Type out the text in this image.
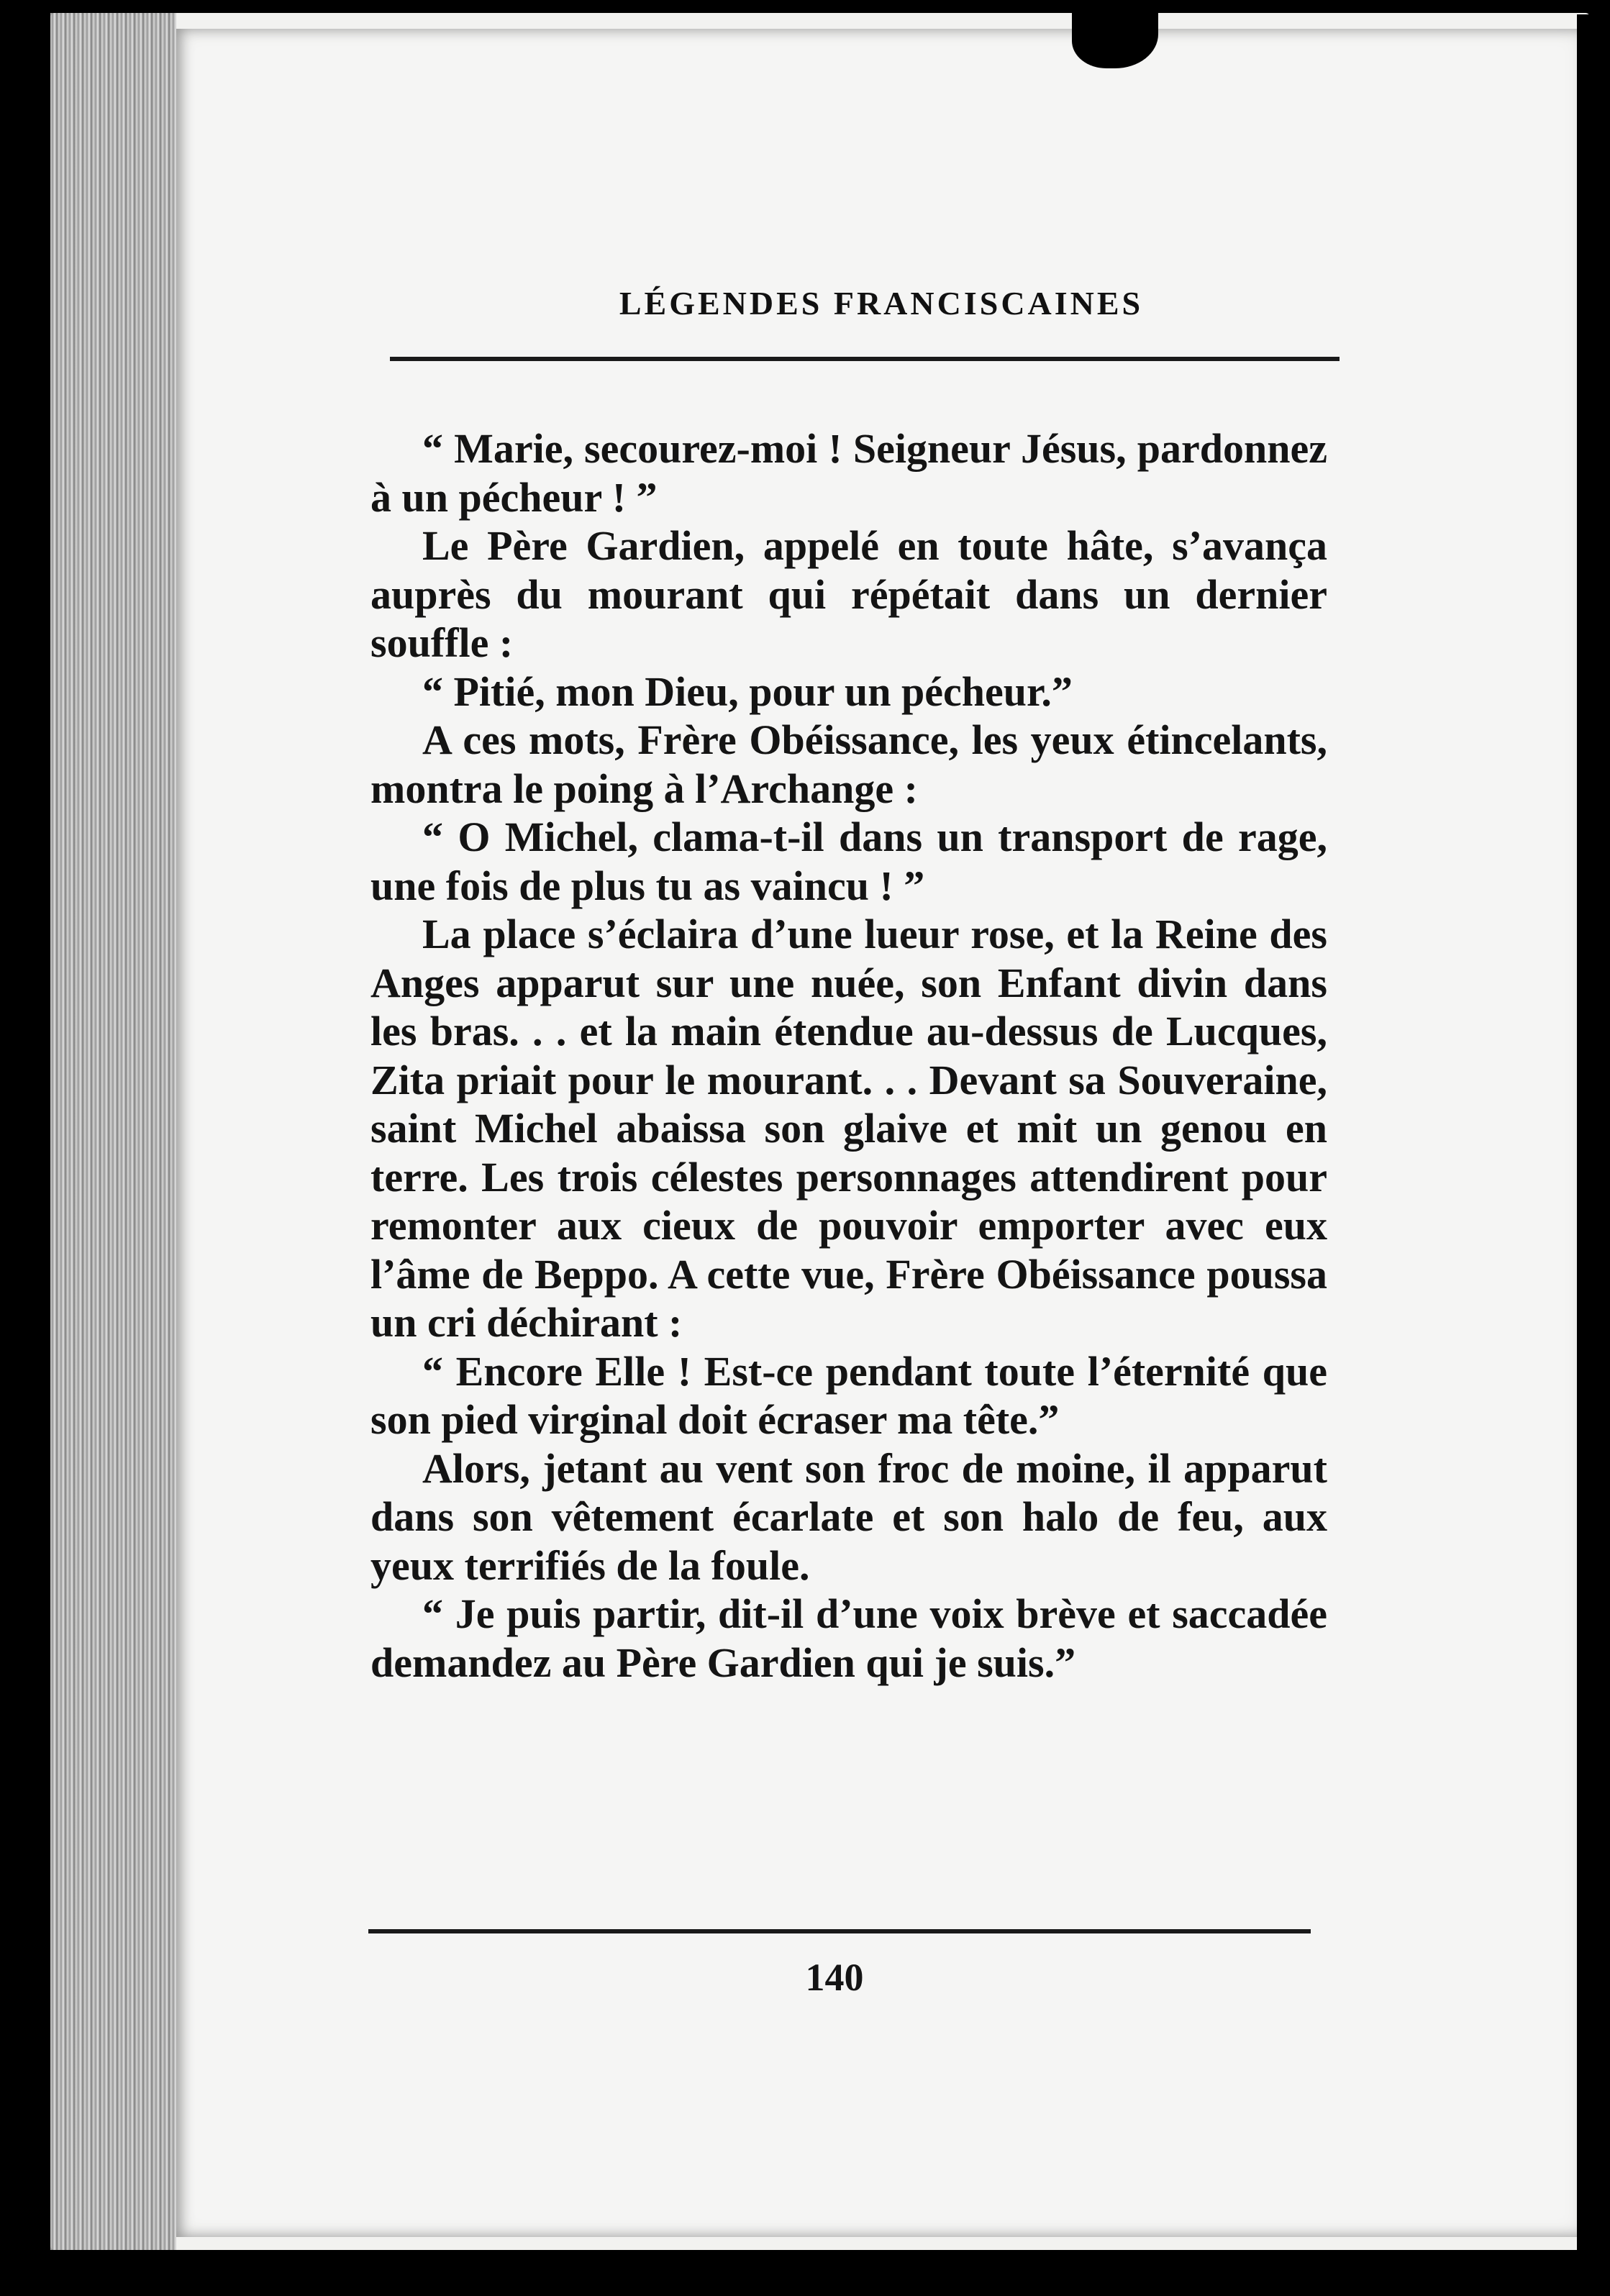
LÉGENDES FRANCISCAINES

“ Marie, secourez-moi ! Seigneur Jésus, pardonnez à un pécheur ! ”

Le Père Gardien, appelé en toute hâte, s’avança auprès du mourant qui répétait dans un dernier souffle :

“ Pitié, mon Dieu, pour un pécheur.”

A ces mots, Frère Obéissance, les yeux étincelants, montra le poing à l’Archange :

“ O Michel, clama-t-il dans un transport de rage, une fois de plus tu as vaincu ! ”

La place s’éclaira d’une lueur rose, et la Reine des Anges apparut sur une nuée, son Enfant divin dans les bras. . . et la main étendue au-dessus de Lucques, Zita priait pour le mourant. . . Devant sa Souveraine, saint Michel abaissa son glaive et mit un genou en terre. Les trois célestes personnages attendirent pour remonter aux cieux de pouvoir emporter avec eux l’âme de Beppo. A cette vue, Frère Obéissance poussa un cri déchirant :

“ Encore Elle ! Est-ce pendant toute l’éternité que son pied virginal doit écraser ma tête.”

Alors, jetant au vent son froc de moine, il apparut dans son vêtement écarlate et son halo de feu, aux yeux terrifiés de la foule.

“ Je puis partir, dit-il d’une voix brève et saccadée demandez au Père Gardien qui je suis.”

140
